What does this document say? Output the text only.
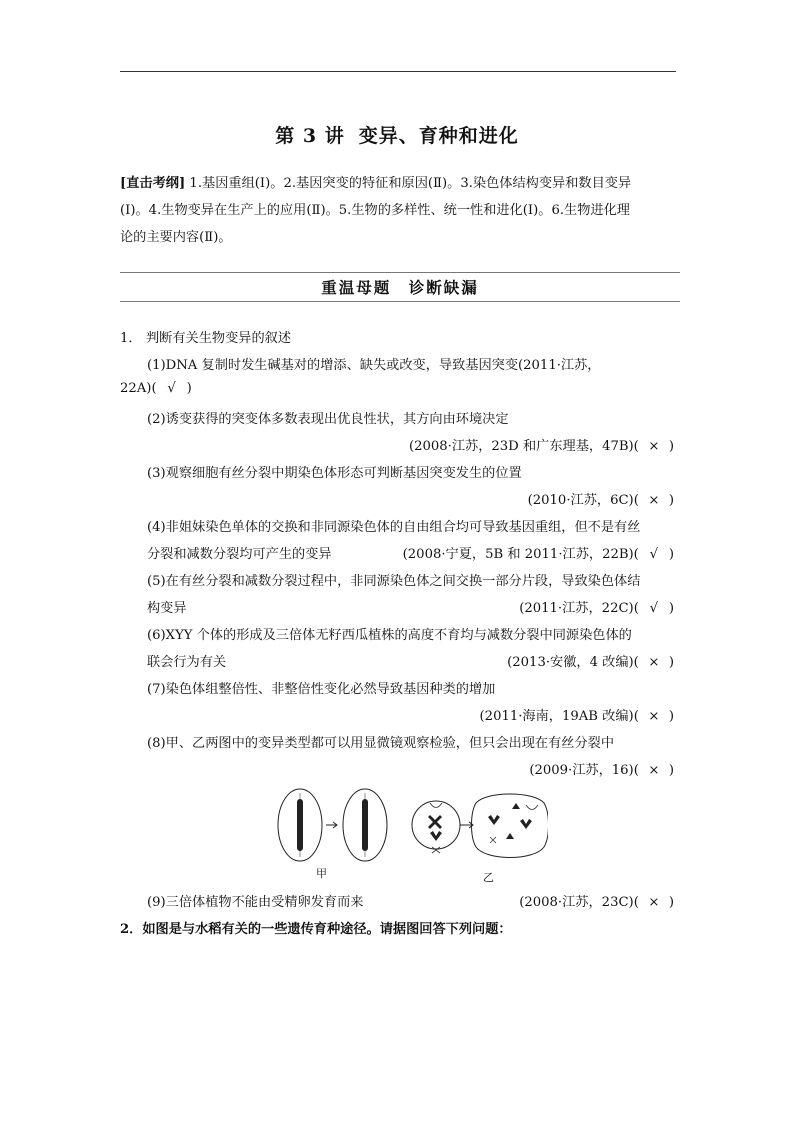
第 3 讲 变异、育种和进化

[直击考纲] 1.基因重组(Ⅰ)。2.基因突变的特征和原因(Ⅱ)。3.染色体结构变异和数目变异

(Ⅰ)。4.生物变异在生产上的应用(Ⅱ)。5.生物的多样性、统一性和进化(Ⅰ)。6.生物进化理

论的主要内容(Ⅱ)。

重温母题　诊断缺漏
1． 判断有关生物变异的叙述
(1)DNA 复制时发生碱基对的增添、缺失或改变，导致基因突变(2011·江苏，
22A)( √ )
(2)诱变获得的突变体多数表现出优良性状，其方向由环境决定
(2008·江苏，23D 和广东理基，47B)( × )
(3)观察细胞有丝分裂中期染色体形态可判断基因突变发生的位置
(2010·江苏，6C)( × )
(4)非姐妹染色单体的交换和非同源染色体的自由组合均可导致基因重组，但不是有丝
分裂和减数分裂均可产生的变异	(2008·宁夏，5B 和 2011·江苏，22B)( √ )
(5)在有丝分裂和减数分裂过程中，非同源染色体之间交换一部分片段，导致染色体结
构变异	(2011·江苏，22C)( √ )
(6)XYY 个体的形成及三倍体无籽西瓜植株的高度不育均与减数分裂中同源染色体的
联会行为有关	(2013·安徽，4 改编)( × )
(7)染色体组整倍性、非整倍性变化必然导致基因种类的增加
(2011·海南，19AB 改编)( × )
(8)甲、乙两图中的变异类型都可以用显微镜观察检验，但只会出现在有丝分裂中
(2009·江苏，16)( × )
甲	乙
(9)三倍体植物不能由受精卵发育而来	(2008·江苏，23C)( × )
2．如图是与水稻有关的一些遗传育种途径。请据图回答下列问题：
